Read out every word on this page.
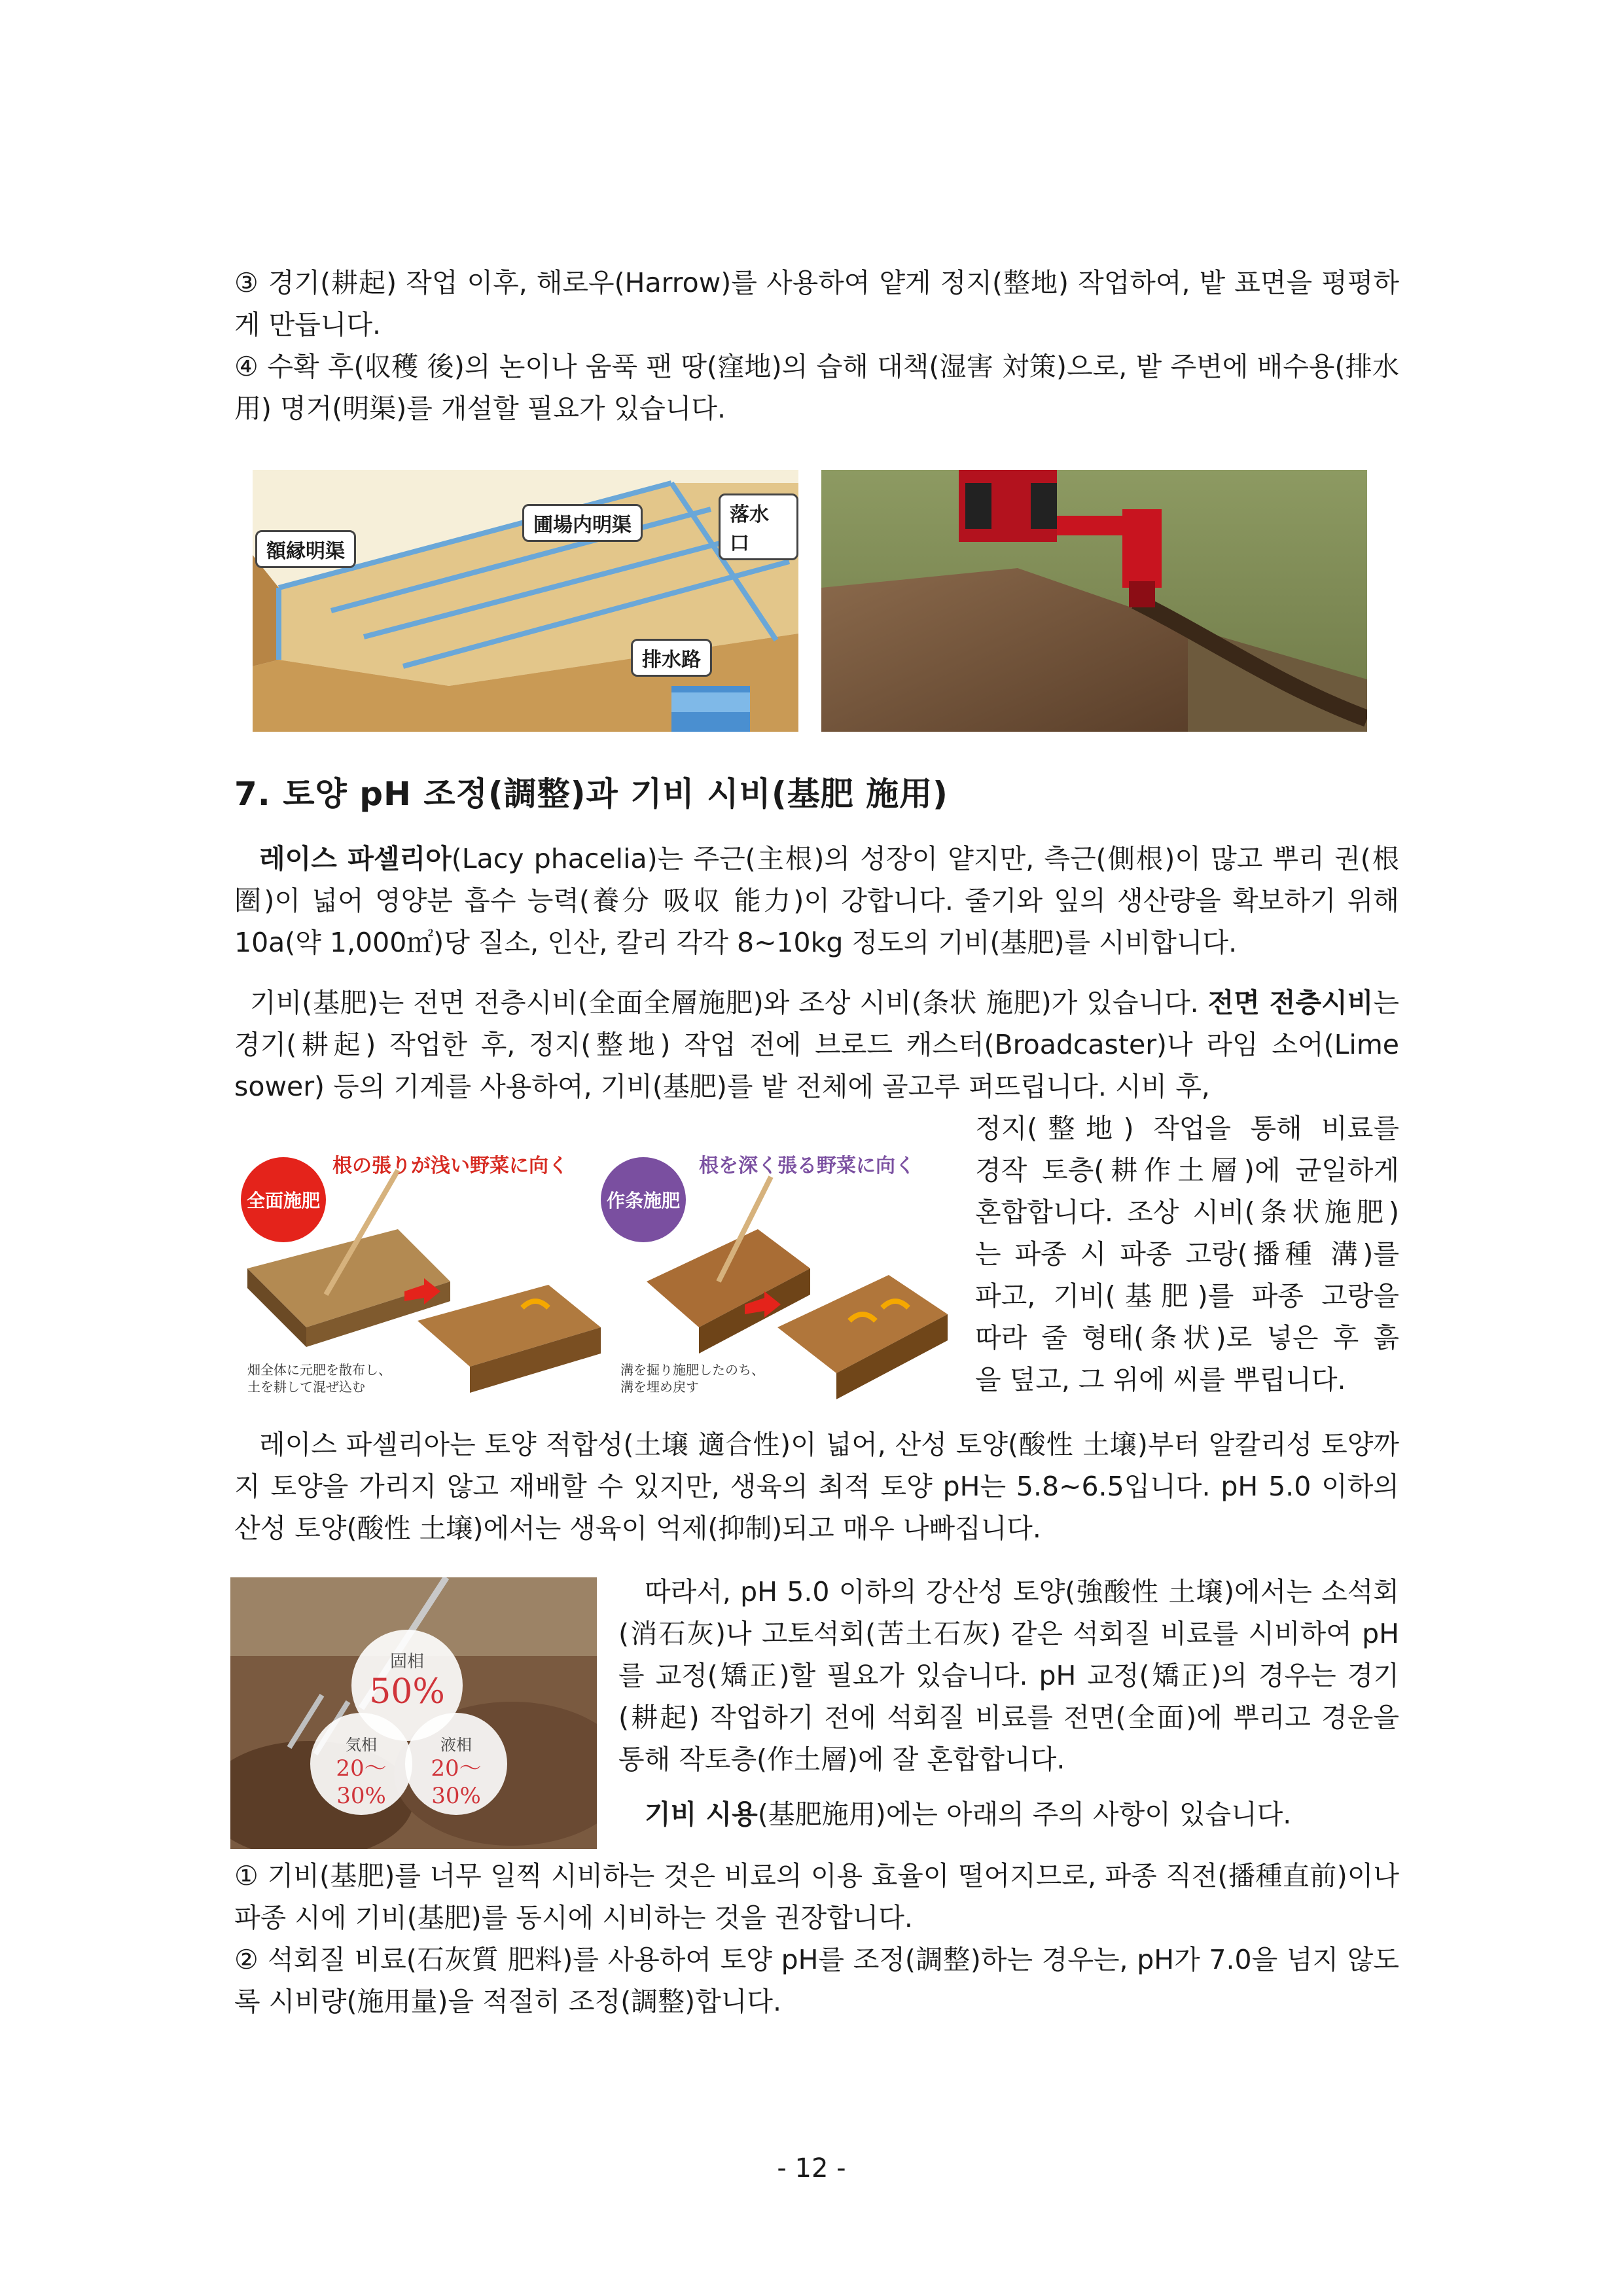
③ 경기(耕起) 작업 이후, 해로우(Harrow)를 사용하여 얕게 정지(整地) 작업하여, 밭 표면을 평평하게 만듭니다.

④ 수확 후(収穫 後)의 논이나 움푹 팬 땅(窪地)의 습해 대책(湿害 対策)으로, 밭 주변에 배수용(排水用) 명거(明渠)를 개설할 필요가 있습니다.

額縁明渠
圃場内明渠	落水口
排水路
7. 토양 pH 조정(調整)과 기비 시비(基肥 施用)

레이스 파셀리아(Lacy phacelia)는 주근(主根)의 성장이 얕지만, 측근(側根)이 많고 뿌리 권(根圏)이 넓어 영양분 흡수 능력(養分 吸収 能力)이 강합니다. 줄기와 잎의 생산량을 확보하기 위해 10a(약 1,000㎡)당 질소, 인산, 칼리 각각 8~10kg 정도의 기비(基肥)를 시비합니다.

기비(基肥)는 전면 전층시비(全面全層施肥)와 조상 시비(条状 施肥)가 있습니다. 전면 전층시비는 경기(耕起) 작업한 후, 정지(整地) 작업 전에 브로드 캐스터(Broadcaster)나 라임 소어(Lime sower) 등의 기계를 사용하여, 기비(基肥)를 밭 전체에 골고루 퍼뜨립니다. 시비 후,

全面施肥
根の張りが浅い野菜に向く
畑全体に元肥を散布し、
土を耕して混ぜ込む
作条施肥
根を深く張る野菜に向く
溝を掘り施肥したのち、
溝を埋め戻す
정지(整地) 작업을 통해 비료를
경작 토층(耕作土層)에 균일하게
혼합합니다. 조상 시비(条状施肥)
는 파종 시 파종 고랑(播種 溝)를
파고, 기비(基肥)를 파종 고랑을
따라 줄 형태(条状)로 넣은 후 흙
을 덮고, 그 위에 씨를 뿌립니다.

레이스 파셀리아는 토양 적합성(土壌 適合性)이 넓어, 산성 토양(酸性 土壌)부터 알칼리성 토양까지 토양을 가리지 않고 재배할 수 있지만, 생육의 최적 토양 pH는 5.8~6.5입니다. pH 5.0 이하의 산성 토양(酸性 土壌)에서는 생육이 억제(抑制)되고 매우 나빠집니다.

固相
50%
気相
20～
30%
液相
20～
30%

따라서, pH 5.0 이하의 강산성 토양(強酸性 土壌)에서는 소석회(消石灰)나 고토석회(苦土石灰) 같은 석회질 비료를 시비하여 pH를 교정(矯正)할 필요가 있습니다. pH 교정(矯正)의 경우는 경기(耕起) 작업하기 전에 석회질 비료를 전면(全面)에 뿌리고 경운을 통해 작토층(作土層)에 잘 혼합합니다.

기비 시용(基肥施用)에는 아래의 주의 사항이 있습니다.

① 기비(基肥)를 너무 일찍 시비하는 것은 비료의 이용 효율이 떨어지므로, 파종 직전(播種直前)이나 파종 시에 기비(基肥)를 동시에 시비하는 것을 권장합니다.

② 석회질 비료(石灰質 肥料)를 사용하여 토양 pH를 조정(調整)하는 경우는, pH가 7.0을 넘지 않도록 시비량(施用量)을 적절히 조정(調整)합니다.

- 12 -
